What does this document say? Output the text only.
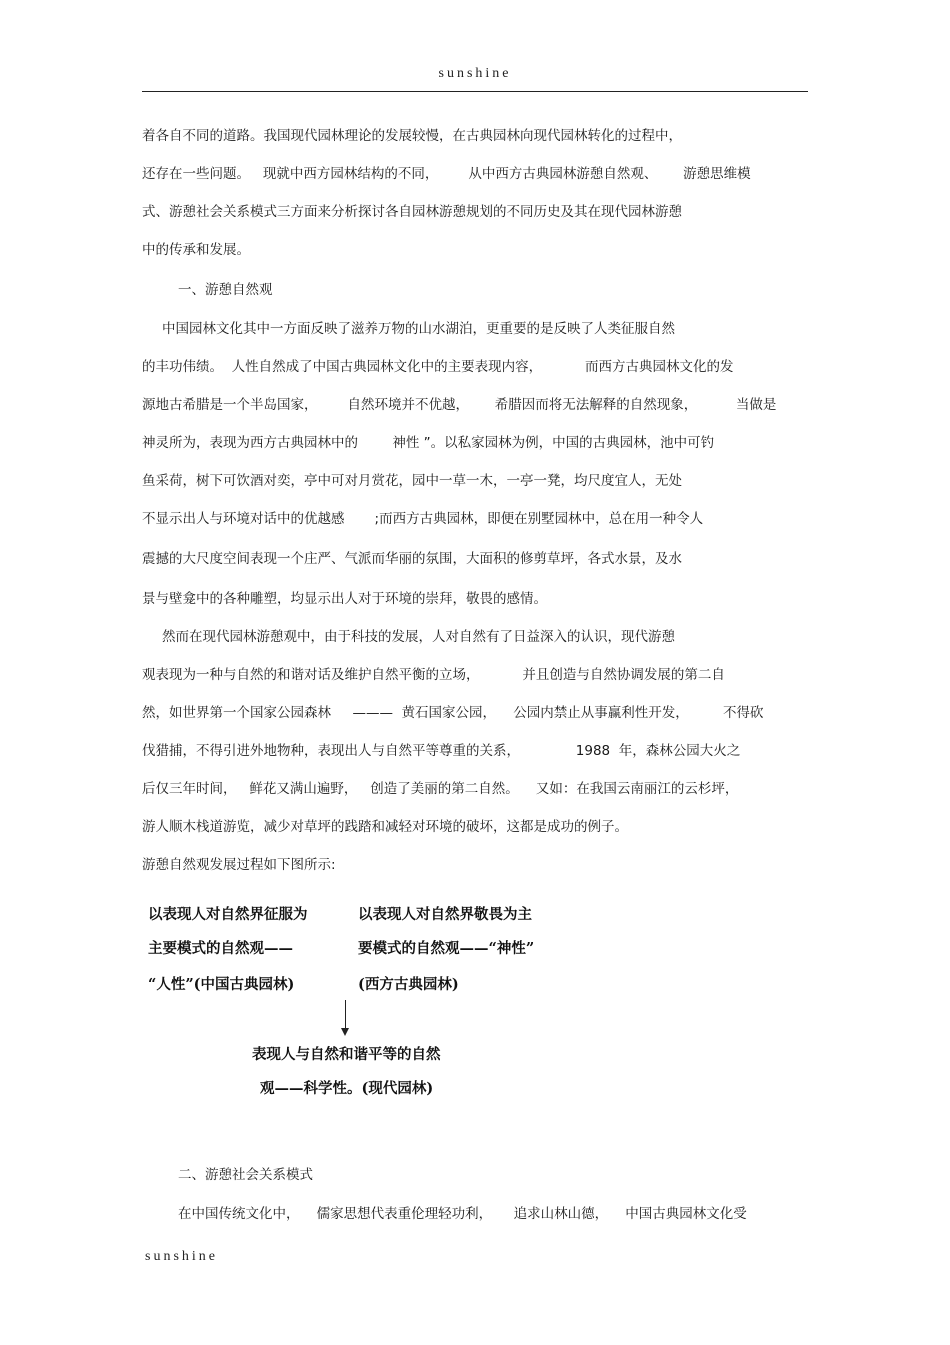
sunshine
着各自不同的道路。我国现代园林理论的发展较慢，在古典园林向现代园林转化的过程中，
还存在一些问题。   现就中西方园林结构的不同，       从中西方古典园林游憩自然观、      游憩思维模
式、游憩社会关系模式三方面来分析探讨各自园林游憩规划的不同历史及其在现代园林游憩
中的传承和发展。
一、游憩自然观
中国园林文化其中一方面反映了滋养万物的山水湖泊，更重要的是反映了人类征服自然
的丰功伟绩。  人性自然成了中国古典园林文化中的主要表现内容，          而西方古典园林文化的发
源地古希腊是一个半岛国家，       自然环境并不优越，      希腊因而将无法解释的自然现象，         当做是
神灵所为，表现为西方古典园林中的        神性 ”。以私家园林为例，中国的古典园林，池中可钓
鱼采荷，树下可饮酒对奕，亭中可对月赏花，园中一草一木，一亭一凳，均尺度宜人，无处
不显示出人与环境对话中的优越感       ;而西方古典园林，即便在别墅园林中，总在用一种令人
震撼的大尺度空间表现一个庄严、气派而华丽的氛围，大面积的修剪草坪，各式水景，及水
景与壁龛中的各种雕塑，均显示出人对于环境的崇拜，敬畏的感情。
然而在现代园林游憩观中，由于科技的发展，人对自然有了日益深入的认识，现代游憩
观表现为一种与自然的和谐对话及维护自然平衡的立场，          并且创造与自然协调发展的第二自
然，如世界第一个国家公园森林     ———  黄石国家公园，    公园内禁止从事赢利性开发，        不得砍
伐猎捕，不得引进外地物种，表现出人与自然平等尊重的关系，             1988  年，森林公园大火之
后仅三年时间，   鲜花又满山遍野，   创造了美丽的第二自然。    又如：在我国云南丽江的云杉坪，
游人顺木栈道游览，减少对草坪的践踏和减轻对环境的破坏，这都是成功的例子。
游憩自然观发展过程如下图所示:
以表现人对自然界征服为
主要模式的自然观——
“人性”(中国古典园林)
以表现人对自然界敬畏为主
要模式的自然观——“神性”
(西方古典园林)
表现人与自然和谐平等的自然
观——科学性。(现代园林)
二、游憩社会关系模式
在中国传统文化中，    儒家思想代表重伦理轻功利，     追求山林山德，    中国古典园林文化受
sunshine
